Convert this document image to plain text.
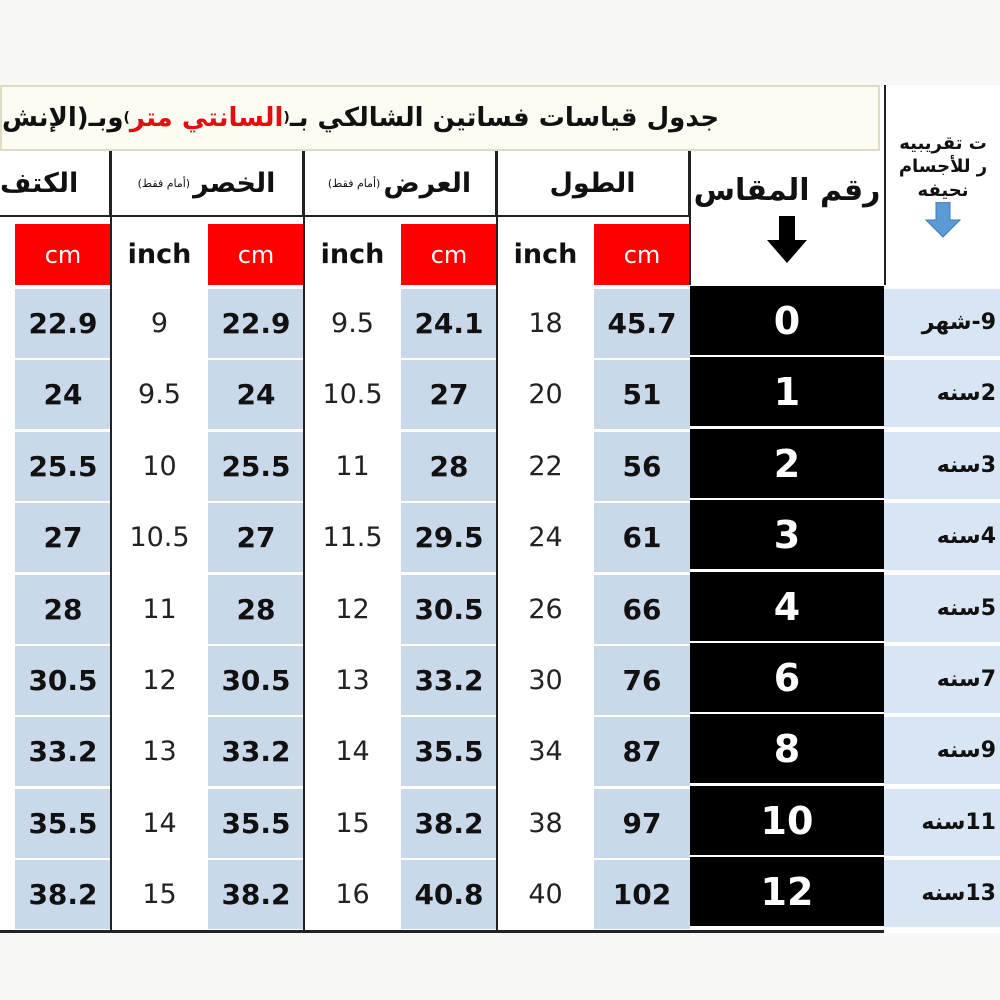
جدول قياسات فساتين الشالكي بـ
(
السانتي متر
)
وبـ(الإنش
ت تقريبيه
ر للأجسام
نحيفه
رقم المقاس
الطول
العرض
(أمام فقط)
الخصر
(أمام فقط)
الكتف
cm
inch
cm
inch
cm
inch
cm
9-شهر
0
45.7
18
24.1
9.5
22.9
9
22.9
2سنه
1
51
20
27
10.5
24
9.5
24
3سنه
2
56
22
28
11
25.5
10
25.5
4سنه
3
61
24
29.5
11.5
27
10.5
27
5سنه
4
66
26
30.5
12
28
11
28
7سنه
6
76
30
33.2
13
30.5
12
30.5
9سنه
8
87
34
35.5
14
33.2
13
33.2
11سنه
10
97
38
38.2
15
35.5
14
35.5
13سنه
12
102
40
40.8
16
38.2
15
38.2
